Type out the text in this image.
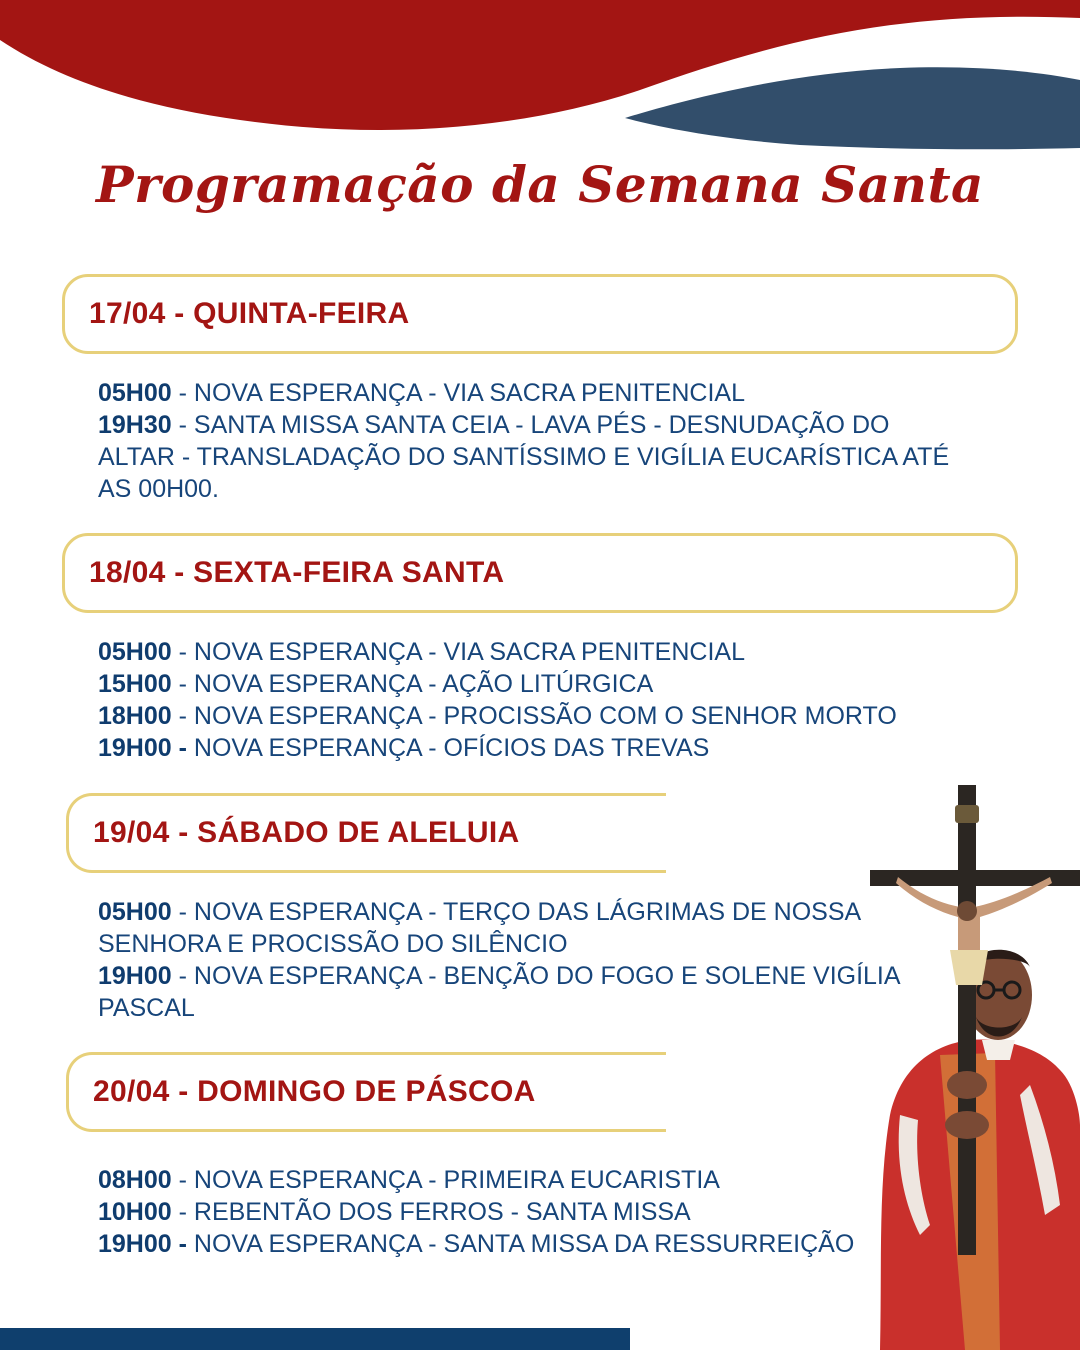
Programação da Semana Santa
17/04 - QUINTA-FEIRA

05H00 - NOVA ESPERANÇA - VIA SACRA PENITENCIAL

19H30 - SANTA MISSA SANTA CEIA - LAVA PÉS - DESNUDAÇÃO DO ALTAR - TRANSLADAÇÃO DO SANTÍSSIMO E VIGÍLIA EUCARÍSTICA ATÉ AS 00H00.

18/04 - SEXTA-FEIRA SANTA

05H00 - NOVA ESPERANÇA - VIA SACRA PENITENCIAL

15H00 - NOVA ESPERANÇA - AÇÃO LITÚRGICA

18H00 - NOVA ESPERANÇA - PROCISSÃO COM O SENHOR MORTO

19H00 - NOVA ESPERANÇA - OFÍCIOS DAS TREVAS

19/04 - SÁBADO DE ALELUIA

05H00 - NOVA ESPERANÇA - TERÇO DAS LÁGRIMAS DE NOSSA SENHORA E PROCISSÃO DO SILÊNCIO

19H00 - NOVA ESPERANÇA - BENÇÃO DO FOGO E SOLENE VIGÍLIA PASCAL

20/04 - DOMINGO DE PÁSCOA

08H00 - NOVA ESPERANÇA - PRIMEIRA EUCARISTIA

10H00 - REBENTÃO DOS FERROS - SANTA MISSA

19H00 - NOVA ESPERANÇA - SANTA MISSA DA RESSURREIÇÃO
